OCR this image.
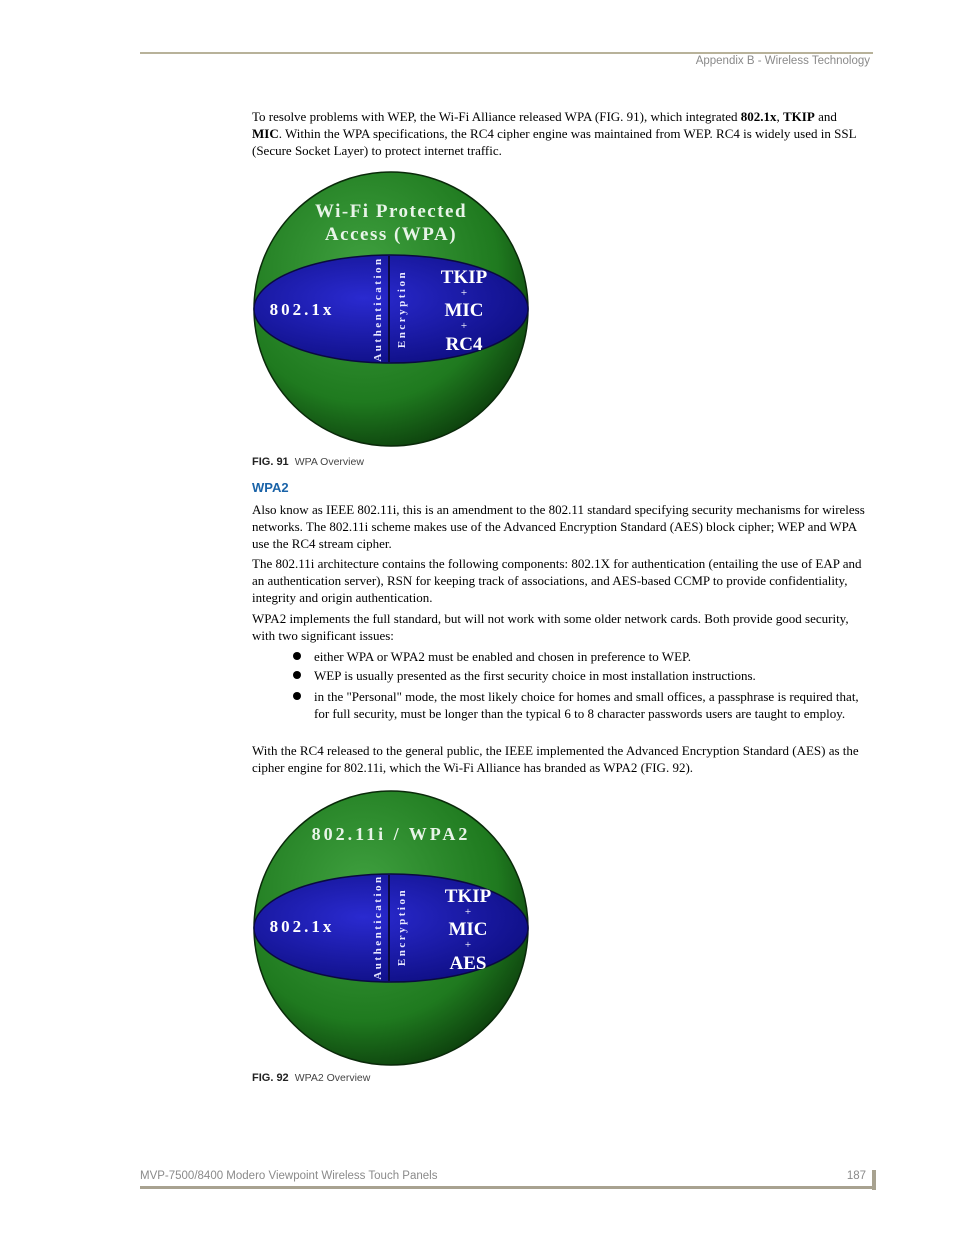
Appendix B - Wireless Technology
To resolve problems with WEP, the Wi-Fi Alliance released WPA (FIG. 91), which integrated 802.1x, TKIP and MIC. Within the WPA specifications, the RC4 cipher engine was maintained from WEP. RC4 is widely used in SSL (Secure Socket Layer) to protect internet traffic.
Wi-Fi Protected
Access (WPA)
802.1x	Authentication Encryption TKIP
+
MIC
+
RC4
FIG. 91 WPA Overview
WPA2
Also know as IEEE 802.11i, this is an amendment to the 802.11 standard specifying security mechanisms for wireless networks. The 802.11i scheme makes use of the Advanced Encryption Standard (AES) block cipher; WEP and WPA use the RC4 stream cipher.
The 802.11i architecture contains the following components: 802.1X for authentication (entailing the use of EAP and an authentication server), RSN for keeping track of associations, and AES-based CCMP to provide confidentiality, integrity and origin authentication.
WPA2 implements the full standard, but will not work with some older network cards. Both provide good security, with two significant issues:
either WPA or WPA2 must be enabled and chosen in preference to WEP.
WEP is usually presented as the first security choice in most installation instructions.
in the "Personal" mode, the most likely choice for homes and small offices, a passphrase is required that, for full security, must be longer than the typical 6 to 8 character passwords users are taught to employ.
With the RC4 released to the general public, the IEEE implemented the Advanced Encryption Standard (AES) as the cipher engine for 802.11i, which the Wi-Fi Alliance has branded as WPA2 (FIG. 92).
802.11i / WPA2
802.1x	Authentication Encryption TKIP
+
MIC
+
AES
FIG. 92 WPA2 Overview
MVP-7500/8400 Modero Viewpoint Wireless Touch Panels	187
